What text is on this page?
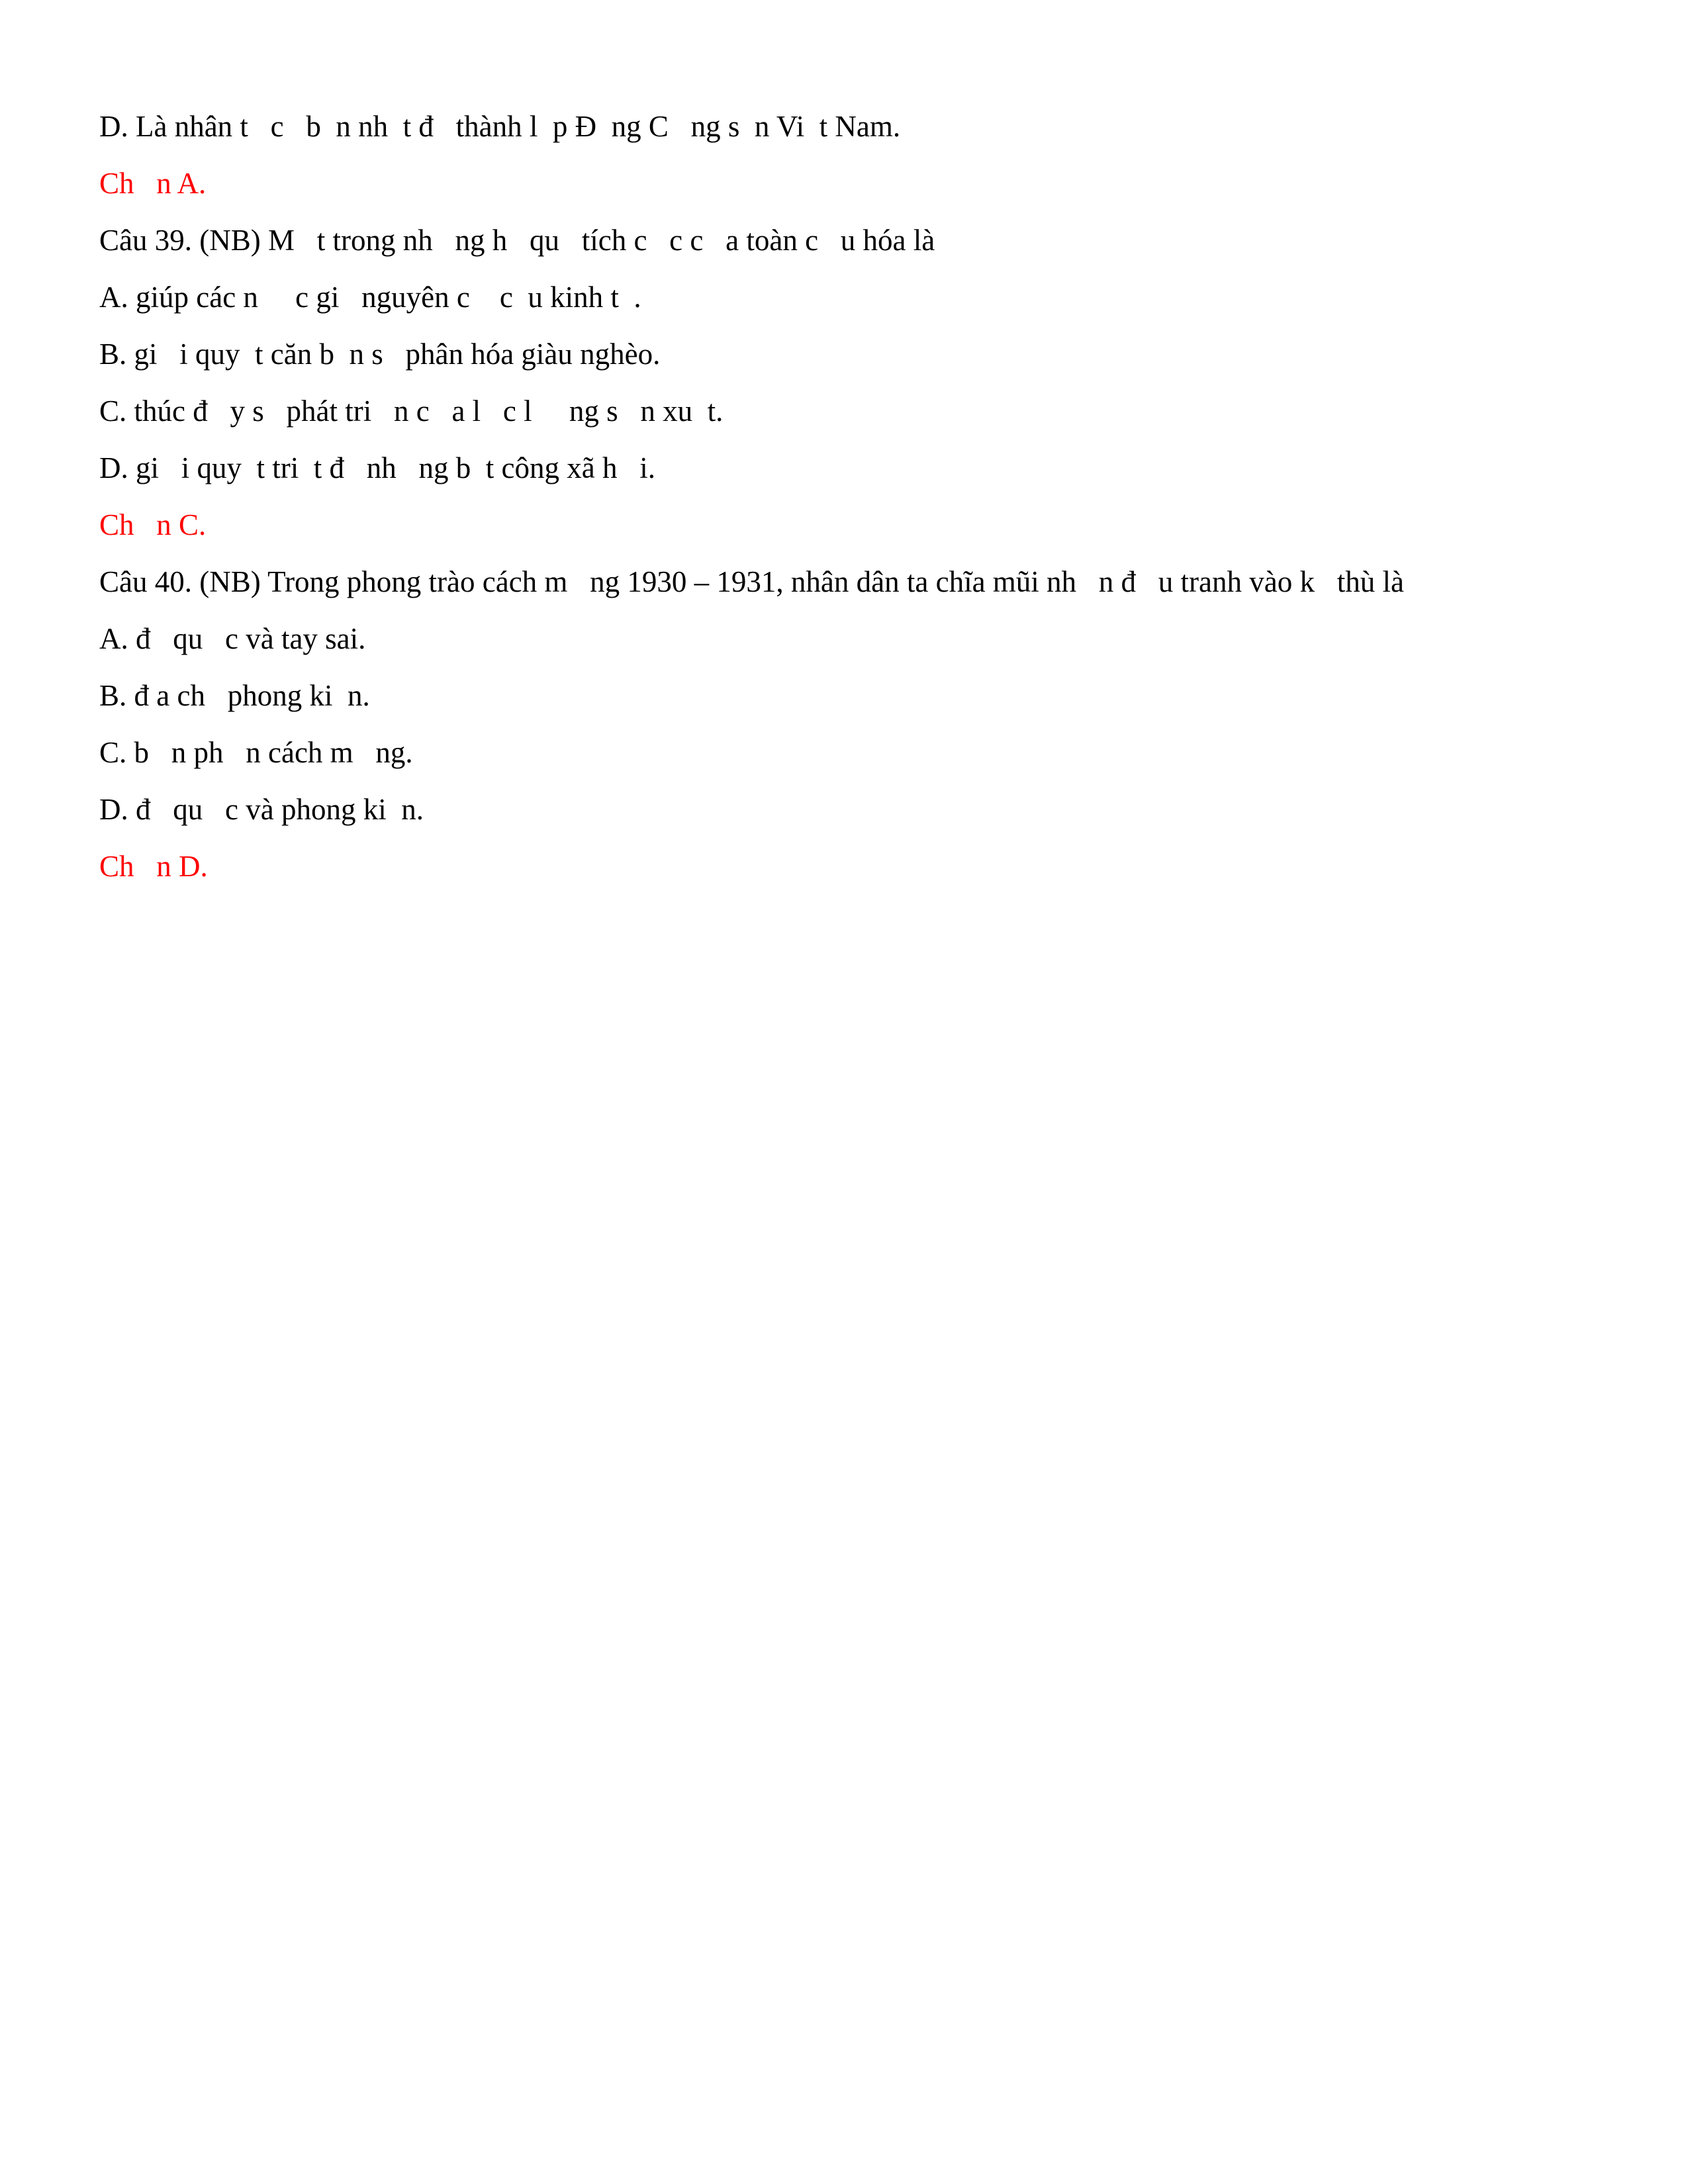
D. Là nhân t   c   b  n nh  t đ   thành l  p Đ  ng C   ng s  n Vi  t Nam.
Ch   n A.
Câu 39. (NB) M   t trong nh   ng h   qu   tích c   c c   a toàn c   u hóa là
A. giúp các n     c gi   nguyên c    c  u kinh t  .
B. gi   i quy  t căn b  n s   phân hóa giàu nghèo.
C. thúc đ   y s   phát tri   n c   a l   c l     ng s   n xu  t.
D. gi   i quy  t tri  t đ   nh   ng b  t công xã h   i.
Ch   n C.
Câu 40. (NB) Trong phong trào cách m   ng 1930 – 1931, nhân dân ta chĩa mũi nh   n đ   u tranh vào k   thù là
A. đ   qu   c và tay sai.
B. đ a ch   phong ki  n.
C. b   n ph   n cách m   ng.
D. đ   qu   c và phong ki  n.
Ch   n D.
